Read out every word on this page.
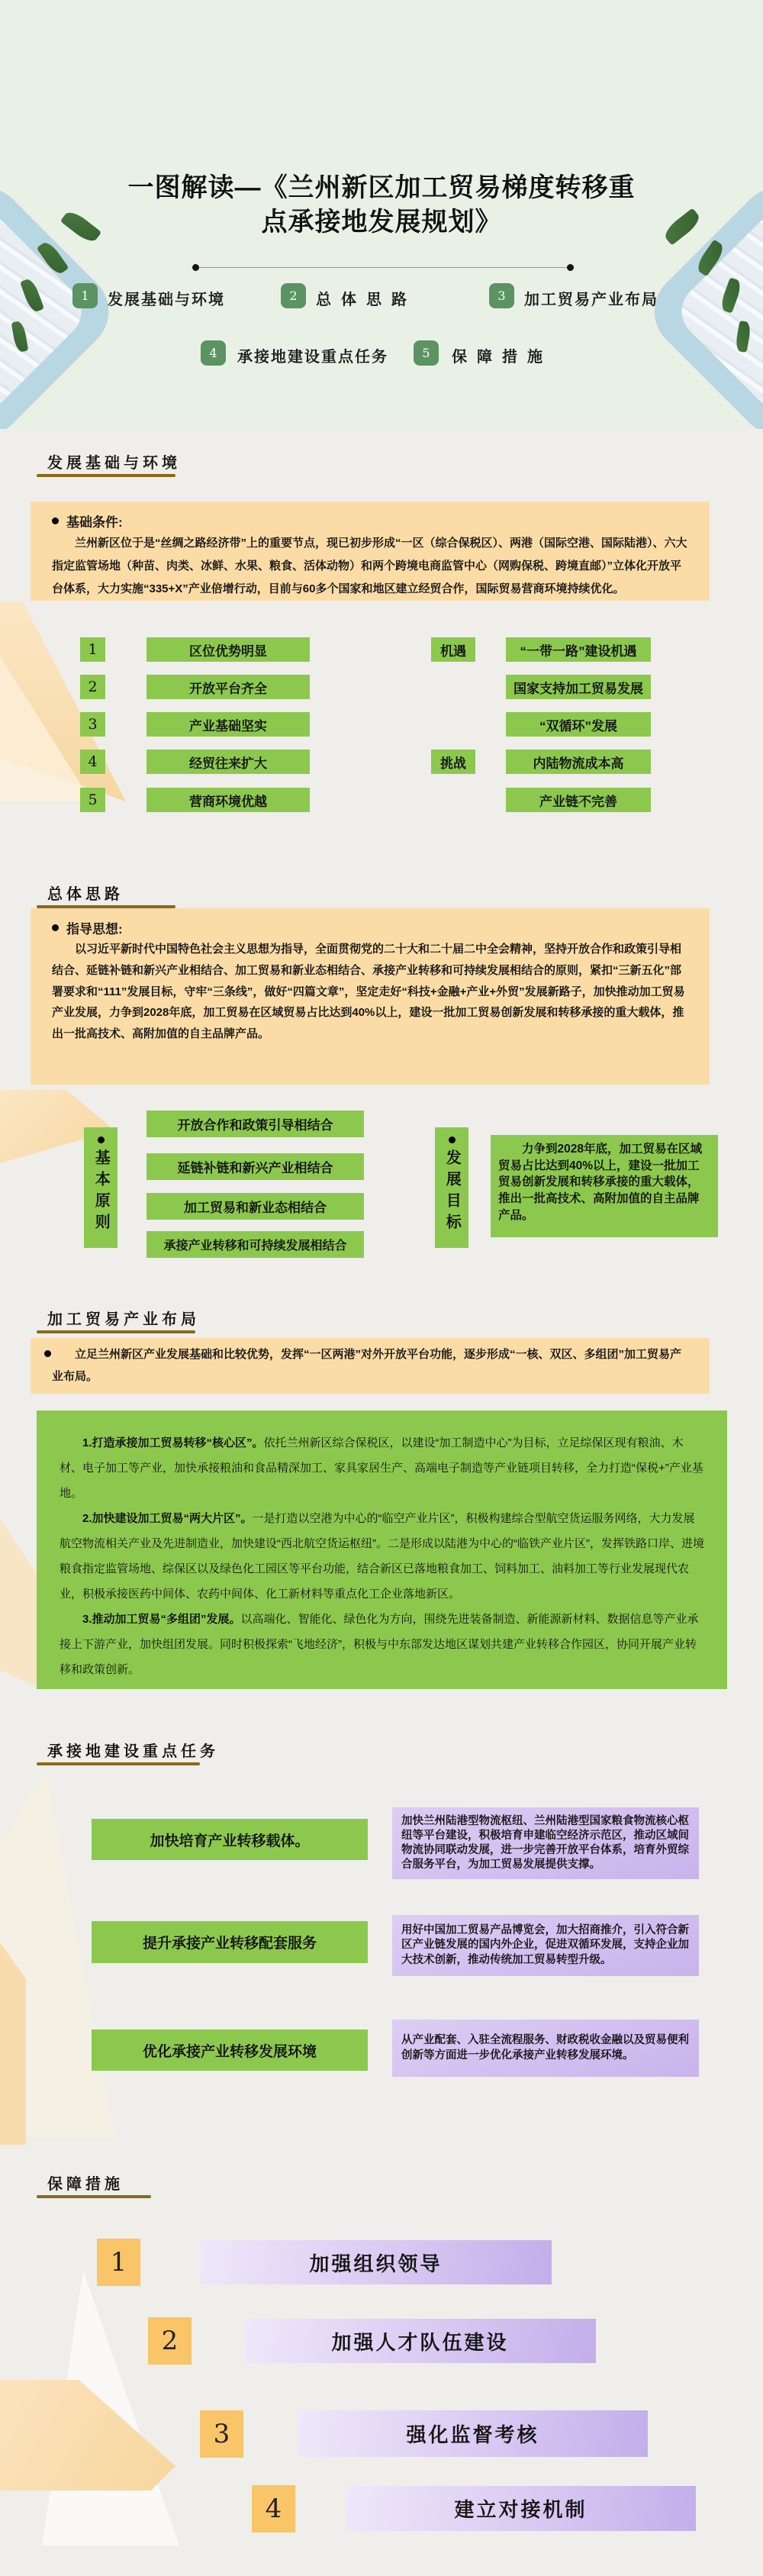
一图解读—《兰州新区加工贸易梯度转移重
点承接地发展规划》
1 发展基础与环境	2 总体思路	3 加工贸易产业布局
4 承接地建设重点任务	5 保障措施
发展基础与环境
基础条件:

兰州新区位于是“丝绸之路经济带”上的重要节点，现已初步形成“一区（综合保税区）、两港（国际空港、国际陆港）、六大指定监管场地（种苗、肉类、冰鲜、水果、粮食、活体动物）和两个跨境电商监管中心（网购保税、跨境直邮）”立体化开放平台体系，大力实施“335+X”产业倍增行动，目前与60多个国家和地区建立经贸合作，国际贸易营商环境持续优化。

1	区位优势明显
2	开放平台齐全
3	产业基础坚实
4	经贸往来扩大
5	营商环境优越
机遇	“一带一路”建设机遇
国家支持加工贸易发展
“双循环”发展
挑战	内陆物流成本高
产业链不完善
总体思路
指导思想:

以习近平新时代中国特色社会主义思想为指导，全面贯彻党的二十大和二十届二中全会精神，坚持开放合作和政策引导相结合、延链补链和新兴产业相结合、加工贸易和新业态相结合、承接产业转移和可持续发展相结合的原则，紧扣“三新五化”部署要求和“111”发展目标，守牢“三条线”，做好“四篇文章”，坚定走好“科技+金融+产业+外贸”发展新路子，加快推动加工贸易产业发展，力争到2028年底，加工贸易在区域贸易占比达到40%以上，建设一批加工贸易创新发展和转移承接的重大载体，推出一批高技术、高附加值的自主品牌产品。

基本原则
开放合作和政策引导相结合
延链补链和新兴产业相结合
加工贸易和新业态相结合
承接产业转移和可持续发展相结合
发展目标

力争到2028年底，加工贸易在区域贸易占比达到40%以上，建设一批加工贸易创新发展和转移承接的重大载体，推出一批高技术、高附加值的自主品牌产品。

加工贸易产业布局

立足兰州新区产业发展基础和比较优势，发挥“一区两港”对外开放平台功能，逐步形成“一核、双区、多组团”加工贸易产业布局。

1.打造承接加工贸易转移“核心区”。依托兰州新区综合保税区，以建设“加工制造中心”为目标，立足综保区现有粮油、木材、电子加工等产业，加快承接粮油和食品精深加工、家具家居生产、高端电子制造等产业链项目转移，全力打造“保税+”产业基地。

2.加快建设加工贸易“两大片区”。一是打造以空港为中心的“临空产业片区”，积极构建综合型航空货运服务网络，大力发展航空物流相关产业及先进制造业，加快建设“西北航空货运枢纽”。二是形成以陆港为中心的“临铁产业片区”，发挥铁路口岸、进境粮食指定监管场地、综保区以及绿色化工园区等平台功能，结合新区已落地粮食加工、饲料加工、油料加工等行业发展现代农业，积极承接医药中间体、农药中间体、化工新材料等重点化工企业落地新区。

3.推动加工贸易“多组团”发展。以高端化、智能化、绿色化为方向，围绕先进装备制造、新能源新材料、数据信息等产业承接上下游产业，加快组团发展。同时积极探索“飞地经济”，积极与中东部发达地区谋划共建产业转移合作园区，协同开展产业转移和政策创新。

承接地建设重点任务
加快培育产业转移载体。

加快兰州陆港型物流枢纽、兰州陆港型国家粮食物流核心枢纽等平台建设，积极培育申建临空经济示范区，推动区域间物流协同联动发展，进一步完善开放平台体系，培育外贸综合服务平台，为加工贸易发展提供支撑。

提升承接产业转移配套服务

用好中国加工贸易产品博览会，加大招商推介，引入符合新区产业链发展的国内外企业，促进双循环发展，支持企业加大技术创新，推动传统加工贸易转型升级。

优化承接产业转移发展环境

从产业配套、入驻全流程服务、财政税收金融以及贸易便利创新等方面进一步优化承接产业转移发展环境。

保障措施
1	加强组织领导
2	加强人才队伍建设
3	强化监督考核
4	建立对接机制
